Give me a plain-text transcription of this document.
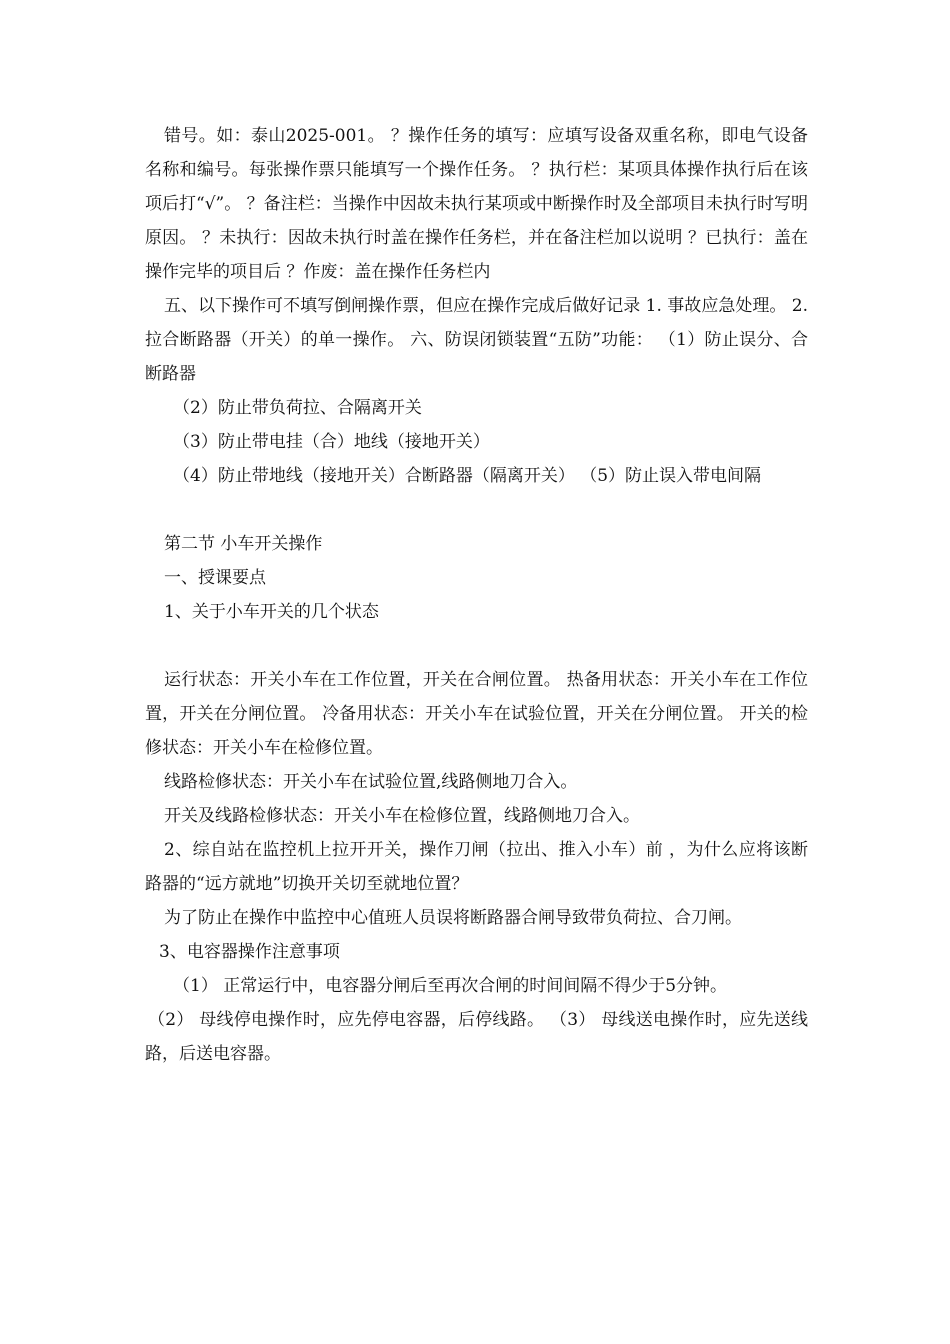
错号。如：泰山2025-001。 ？操作任务的填写：应填写设备双重名称，即电气设备名称和编号。每张操作票只能填写一个操作任务。 ？执行栏：某项具体操作执行后在该项后打“√”。 ？备注栏：当操作中因故未执行某项或中断操作时及全部项目未执行时写明原因。 ？未执行：因故未执行时盖在操作任务栏，并在备注栏加以说明 ？已执行：盖在操作完毕的项目后 ？作废：盖在操作任务栏内

五、以下操作可不填写倒闸操作票，但应在操作完成后做好记录 1. 事故应急处理。 2. 拉合断路器（开关）的单一操作。 六、防误闭锁装置“五防”功能： （1）防止误分、合断路器

（2）防止带负荷拉、合隔离开关

（3）防止带电挂（合）地线（接地开关）

（4）防止带地线（接地开关）合断路器（隔离开关） （5）防止误入带电间隔

第二节 小车开关操作

一、授课要点

1、关于小车开关的几个状态

运行状态：开关小车在工作位置，开关在合闸位置。 热备用状态：开关小车在工作位置，开关在分闸位置。 冷备用状态：开关小车在试验位置，开关在分闸位置。 开关的检修状态：开关小车在检修位置。

线路检修状态：开关小车在试验位置,线路侧地刀合入。

开关及线路检修状态：开关小车在检修位置，线路侧地刀合入。

2、综自站在监控机上拉开开关，操作刀闸（拉出、推入小车）前 ，为什么应将该断路器的“远方就地”切换开关切至就地位置？

为了防止在操作中监控中心值班人员误将断路器合闸导致带负荷拉、合刀闸。

3、电容器操作注意事项

（1） 正常运行中，电容器分闸后至再次合闸的时间间隔不得少于5分钟。

（2） 母线停电操作时，应先停电容器，后停线路。 （3） 母线送电操作时，应先送线路，后送电容器。
